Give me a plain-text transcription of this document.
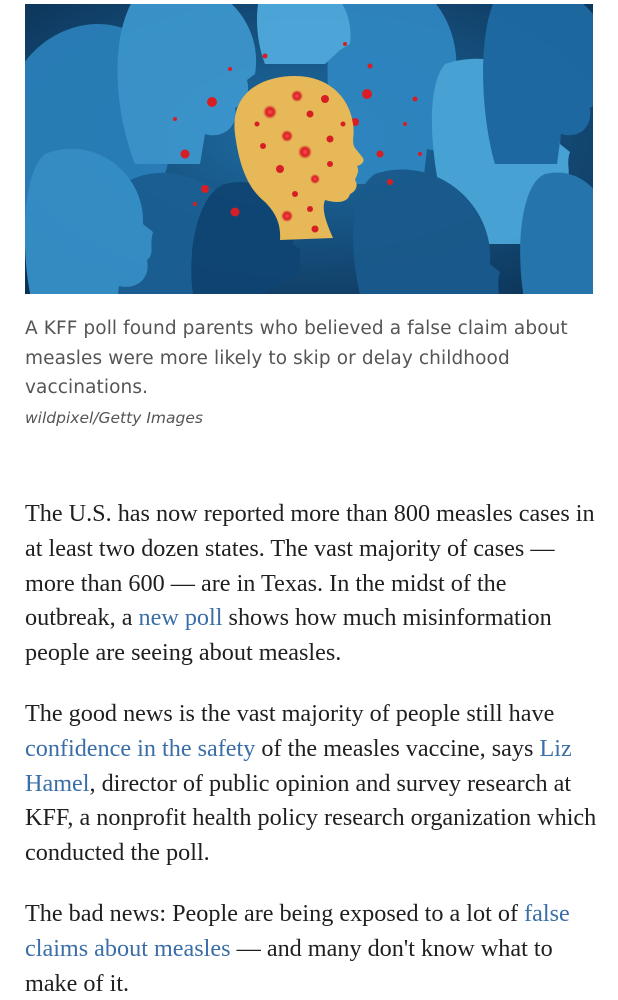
A KFF poll found parents who believed a false claim about measles were more likely to skip or delay childhood vaccinations.
wildpixel/Getty Images

The U.S. has now reported more than 800 measles cases in at least two dozen states. The vast majority of cases — more than 600 — are in Texas. In the midst of the outbreak, a new poll shows how much misinformation people are seeing about measles.

The good news is the vast majority of people still have confidence in the safety of the measles vaccine, says Liz Hamel, director of public opinion and survey research at KFF, a nonprofit health policy research organization which conducted the poll.

The bad news: People are being exposed to a lot of false claims about measles — and many don't know what to make of it.
